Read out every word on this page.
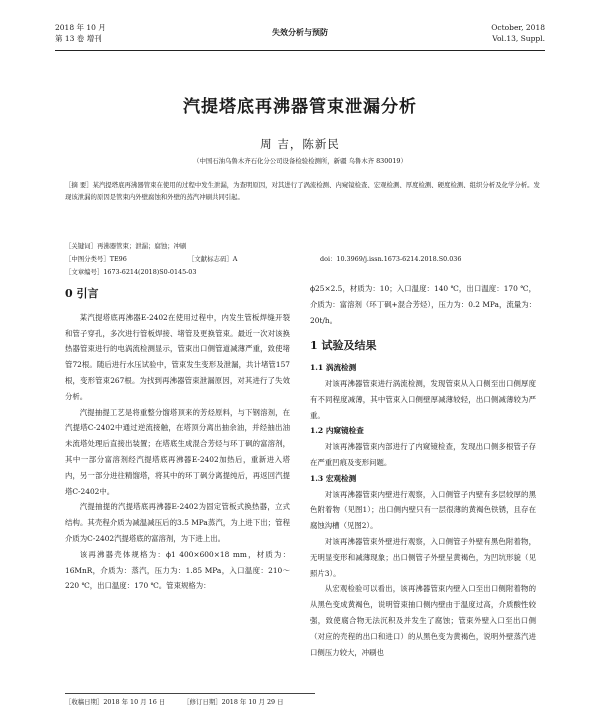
2018 年 10 月
第 13 卷 增刊
失效分析与预防	October, 2018
Vol.13, Suppl.
汽提塔底再沸器管束泄漏分析
周 吉，陈新民
（中国石油乌鲁木齐石化分公司设备检验检测所，新疆 乌鲁木齐 830019）
［摘 要］某汽提塔底再沸器管束在使用的过程中发生泄漏，为查明原因，对其进行了涡流检测、内窥镜检查、宏观检测、厚度检测、硬度检测、组织分析及化学分析。发现该泄漏的原因是管束内外壁腐蚀和外壁的蒸汽冲刷共同引起。
［关键词］再沸器管束；泄漏；腐蚀；冲刷
［中图分类号］TE96	［文献标志码］A	doi：10.3969/j.issn.1673-6214.2018.S0.036
［文章编号］1673-6214(2018)S0-0145-03

0 引言

某汽提塔底再沸器E-2402在使用过程中，内发生管板焊缝开裂和管子穿孔，多次进行管板焊接、堵管及更换管束。最近一次对该换热器管束进行的电涡流检测显示，管束出口侧管道减薄严重，致使堵管72根。随后进行水压试验中，管束发生变形及泄漏，共计堵管157根，变形管束267根。为找到再沸器管束泄漏原因，对其进行了失效分析。

汽提抽提工艺是将重整分馏塔顶来的芳烃原料，与下钢溶剂，在汽提塔C-2402中通过逆流接触，在塔顶分离出抽余油，并经抽出油未流塔处理后直接出装置；在塔底生成混合芳烃与环丁砜的富溶剂，其中一部分富溶剂经汽提塔底再沸器E-2402加热后，重新进入塔内，另一部分进往精馏塔，将其中的环丁砜分离提纯后，再返回汽提塔C-2402中。

汽提抽提的汽提塔底再沸器E-2402为固定管板式换热器，立式结构。其壳程介质为减温减压后的3.5 MPa蒸汽，为上进下出；管程介质为C-2402汽提塔底的富溶剂，为下进上出。

该再沸器壳体规格为：ϕ1 400×600×18 mm，材质为：16MnR，介质为：蒸汽，压力为：1.85 MPa，入口温度：210～220 ℃，出口温度：170 ℃。管束规格为：

ϕ25×2.5，材质为：10；入口温度：140 ℃，出口温度：170 ℃，介质为：富溶剂（环丁砜+混合芳烃），压力为：0.2 MPa，流量为：20t/h。

1 试验及结果

1.1 涡流检测

对该再沸器管束进行涡流检测，发现管束从入口侧至出口侧厚度有不同程度减薄，其中管束入口侧壁厚减薄较轻，出口侧减薄较为严重。

1.2 内窥镜检查

对该再沸器管束内部进行了内窥镜检查，发现出口侧多根管子存在严重凹痕及变形问题。

1.3 宏观检测

对该再沸器管束内壁进行观察，入口侧管子内壁有多层较厚的黑色附着物（见图1）；出口侧内壁只有一层很薄的黄褐色铁锈，且存在腐蚀沟槽（见图2）。

对该再沸器管束外壁进行观察，入口侧管子外壁有黑色附着物，无明显变形和减薄现象；出口侧管子外壁呈黄褐色，为凹坑形貌（见照片3）。

从宏观检验可以看出，该再沸器管束内壁入口至出口侧附着物的从黑色变成黄褐色，说明管束抽口侧内壁由于温度过高，介质酸性较强，致使腐合物无法沉积及并发生了腐蚀；管束外壁入口至出口侧（对应的壳程的出口和进口）的从黑色变为黄褐色，说明外壁蒸汽进口侧压力较大，冲刷也

［收稿日期］2018 年 10 月 16 日	［修订日期］2018 年 10 月 29 日
